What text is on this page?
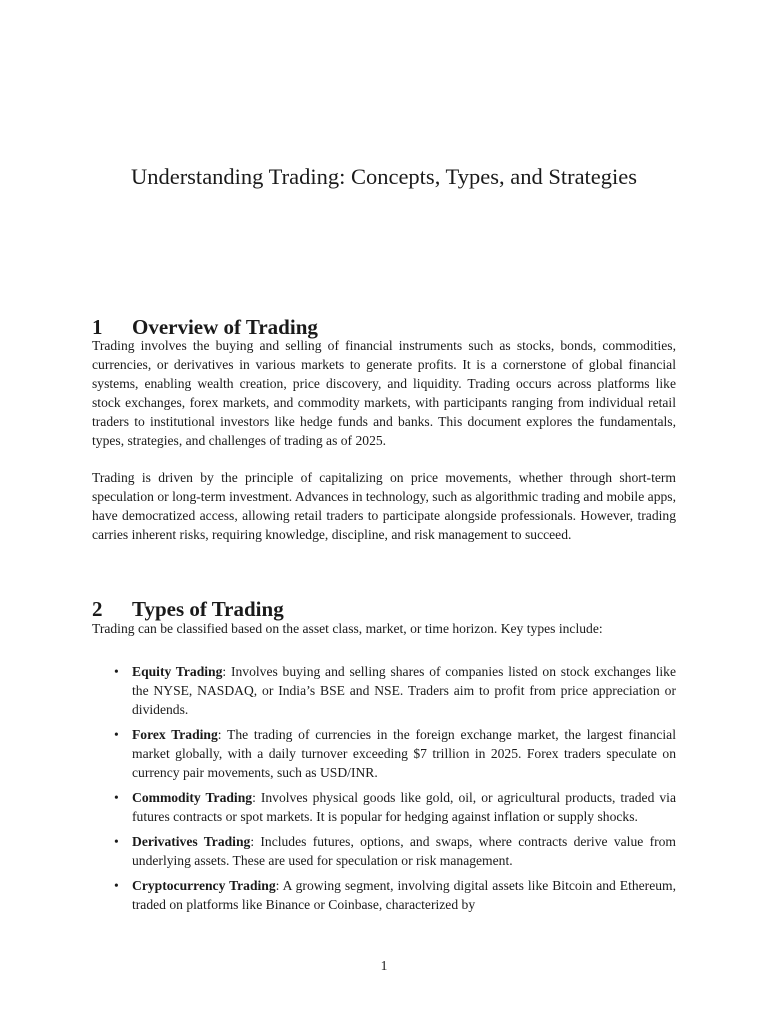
Understanding Trading: Concepts, Types, and Strategies
1 Overview of Trading

Trading involves the buying and selling of financial instruments such as stocks, bonds, commodities, currencies, or derivatives in various markets to generate profits. It is a cornerstone of global financial systems, enabling wealth creation, price discovery, and liquidity. Trading occurs across platforms like stock exchanges, forex markets, and commodity markets, with participants ranging from individual retail traders to institutional investors like hedge funds and banks. This document explores the fundamentals, types, strategies, and challenges of trading as of 2025.

Trading is driven by the principle of capitalizing on price movements, whether through short-term speculation or long-term investment. Advances in technology, such as algorithmic trading and mobile apps, have democratized access, allowing retail traders to participate alongside professionals. However, trading carries inherent risks, requiring knowledge, discipline, and risk management to succeed.

2 Types of Trading

Trading can be classified based on the asset class, market, or time horizon. Key types include:

• Equity Trading: Involves buying and selling shares of companies listed on stock exchanges like the NYSE, NASDAQ, or India’s BSE and NSE. Traders aim to profit from price appreciation or dividends.
• Forex Trading: The trading of currencies in the foreign exchange market, the largest financial market globally, with a daily turnover exceeding $7 trillion in 2025. Forex traders speculate on currency pair movements, such as USD/INR.
• Commodity Trading: Involves physical goods like gold, oil, or agricultural products, traded via futures contracts or spot markets. It is popular for hedging against inflation or supply shocks.
• Derivatives Trading: Includes futures, options, and swaps, where contracts derive value from underlying assets. These are used for speculation or risk management.
• Cryptocurrency Trading: A growing segment, involving digital assets like Bitcoin and Ethereum, traded on platforms like Binance or Coinbase, characterized by
1
